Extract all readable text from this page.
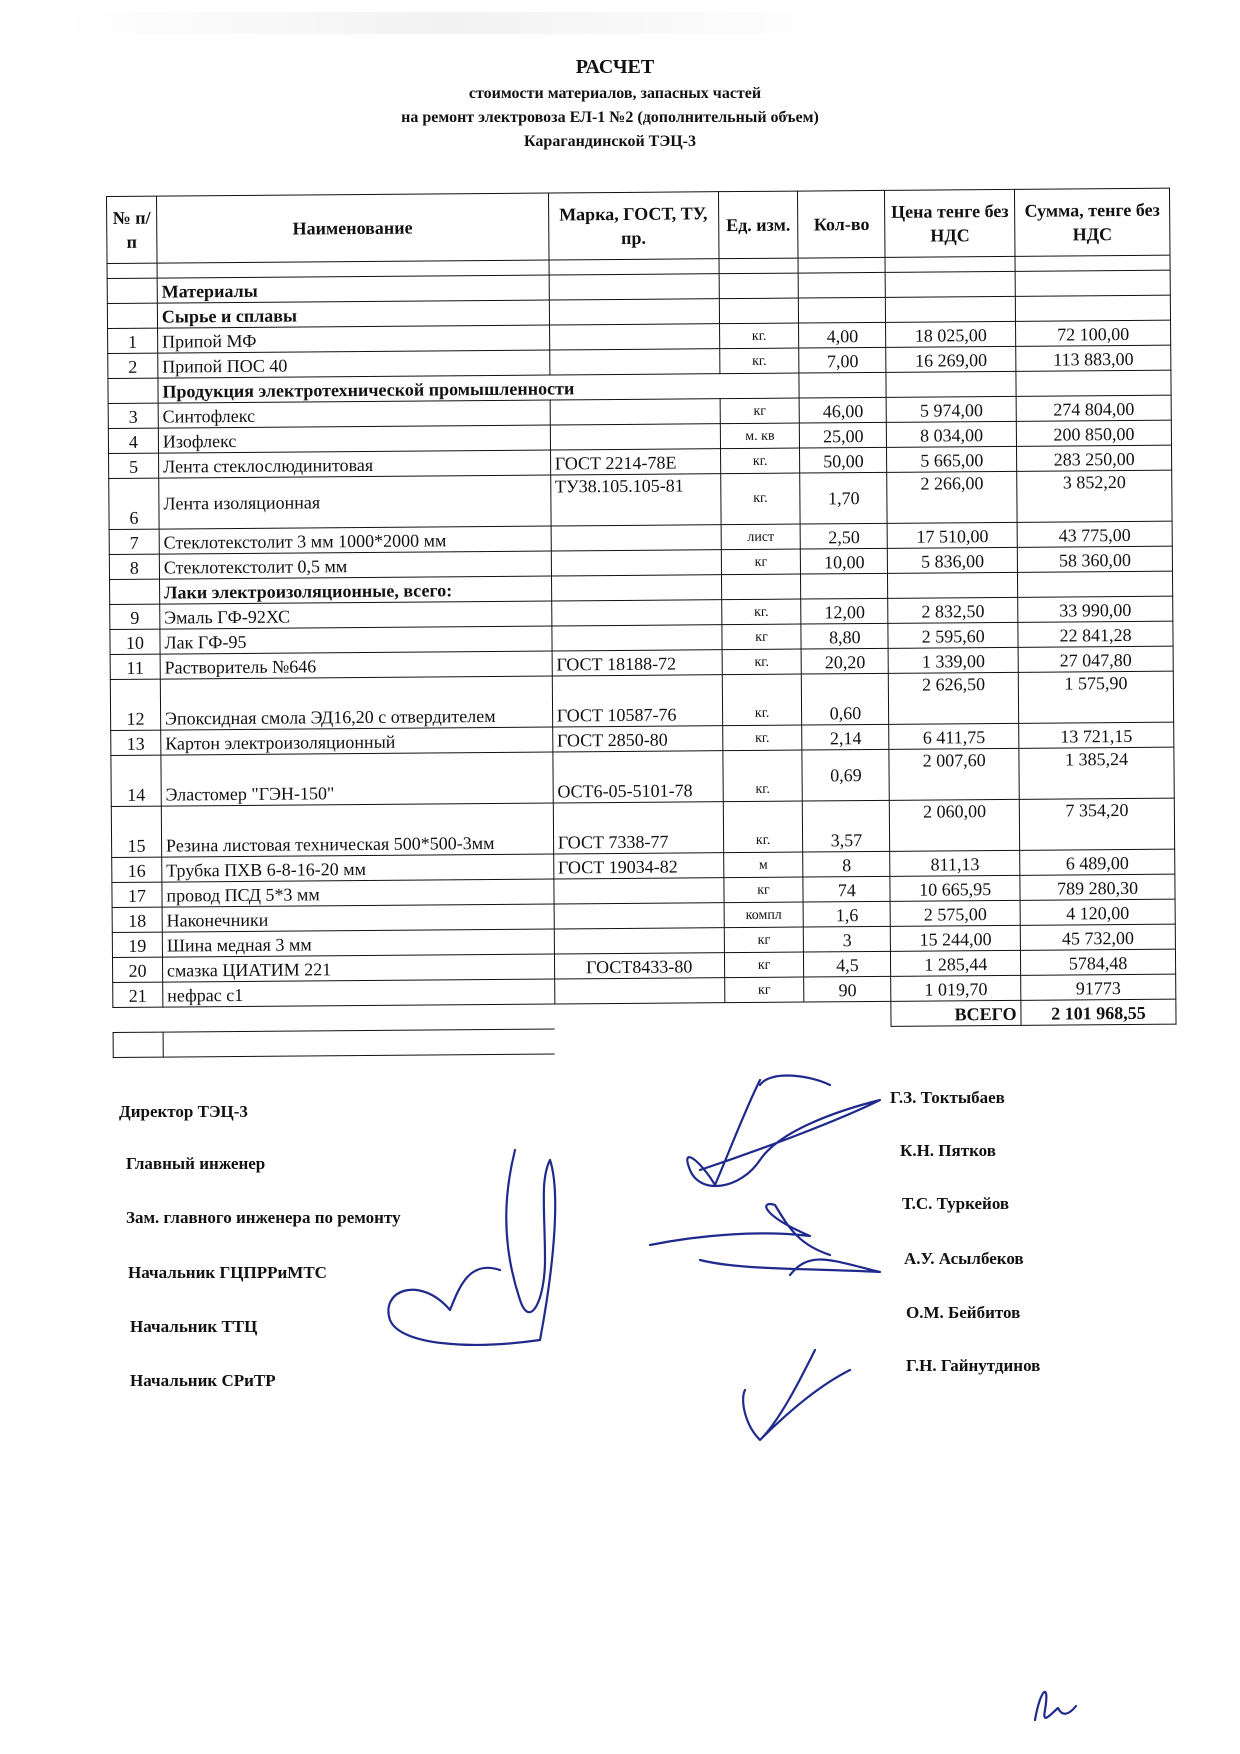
РАСЧЕТ
стоимости материалов, запасных частей
на ремонт электровоза ЕЛ-1 №2 (дополнительный объем)
Карагандинской ТЭЦ-3
№ п/п	Наименование	Марка, ГОСТ, ТУ, пр.	Ед. изм.	Кол-во	Цена тенге без НДС	Сумма, тенге без НДС

	Материалы					
	Сырье и сплавы					
1	Припой МФ		кг.	4,00	18 025,00	72 100,00
2	Припой ПОС 40		кг.	7,00	16 269,00	113 883,00
	Продукция электротехнической промышленности					
3	Синтофлекс		кг	46,00	5 974,00	274 804,00
4	Изофлекс		м. кв	25,00	8 034,00	200 850,00
5	Лента стеклослюдинитовая	ГОСТ 2214-78Е	кг.	50,00	5 665,00	283 250,00
6	Лента изоляционная	ТУ38.105.105-81	кг.	1,70	2 266,00	3 852,20
7	Стеклотекстолит 3 мм 1000*2000 мм		лист	2,50	17 510,00	43 775,00
8	Стеклотекстолит 0,5 мм		кг	10,00	5 836,00	58 360,00
	Лаки электроизоляционные, всего:					
9	Эмаль ГФ-92ХС		кг.	12,00	2 832,50	33 990,00
10	Лак ГФ-95		кг	8,80	2 595,60	22 841,28
11	Растворитель №646	ГОСТ 18188-72	кг.	20,20	1 339,00	27 047,80
12	Эпоксидная смола ЭД16,20 с отвердителем	ГОСТ 10587-76	кг.	0,60	2 626,50	1 575,90
13	Картон электроизоляционный	ГОСТ 2850-80	кг.	2,14	6 411,75	13 721,15
14	Эластомер "ГЭН-150"	ОСТ6-05-5101-78	кг.	0,69	2 007,60	1 385,24
15	Резина листовая техническая 500*500-3мм	ГОСТ 7338-77	кг.	3,57	2 060,00	7 354,20
16	Трубка ПХВ 6-8-16-20 мм	ГОСТ 19034-82	м	8	811,13	6 489,00
17	провод ПСД 5*3 мм		кг	74	10 665,95	789 280,30
18	Наконечники		компл	1,6	2 575,00	4 120,00
19	Шина медная 3 мм		кг	3	15 244,00	45 732,00
20	смазка ЦИАТИМ 221	ГОСТ8433-80	кг	4,5	1 285,44	5784,48
21	нефрас с1		кг	90	1 019,70	91773
					ВСЕГО	2 101 968,55

Директор ТЭЦ-3
Главный инженер
Зам. главного инженера по ремонту
Начальник ГЦПРРиМТС
Начальник ТТЦ
Начальник СРиТР
Г.З. Токтыбаев
К.Н. Пятков
Т.С. Туркейов
А.У. Асылбеков
О.М. Бейбитов
Г.Н. Гайнутдинов
